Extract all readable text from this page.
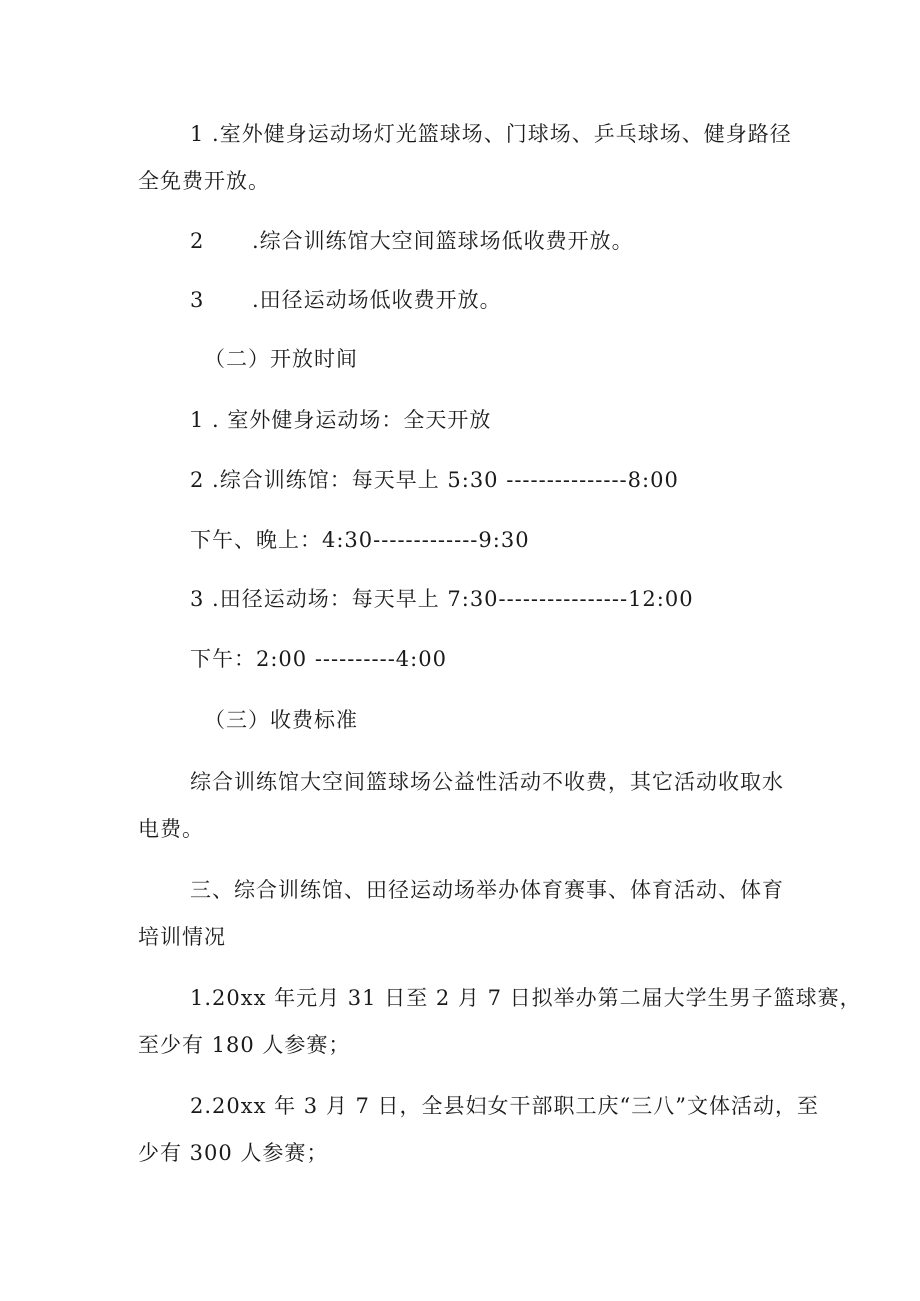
1 .室外健身运动场灯光篮球场、门球场、乒乓球场、健身路径
全免费开放。
2 .综合训练馆大空间篮球场低收费开放。
3 .田径运动场低收费开放。
（二）开放时间
1 . 室外健身运动场：全天开放
2 .综合训练馆：每天早上 5:30 ---------------8:00
下午、晚上：4:30-------------9:30
3 .田径运动场：每天早上 7:30----------------12:00
下午：2:00 ----------4:00
（三）收费标准
综合训练馆大空间篮球场公益性活动不收费，其它活动收取水
电费。
三、综合训练馆、田径运动场举办体育赛事、体育活动、体育
培训情况
1.20xx 年元月 31 日至 2 月 7 日拟举办第二届大学生男子篮球赛，
至少有 180 人参赛；
2.20xx 年 3 月 7 日，全县妇女干部职工庆“三八”文体活动，至
少有 300 人参赛；
